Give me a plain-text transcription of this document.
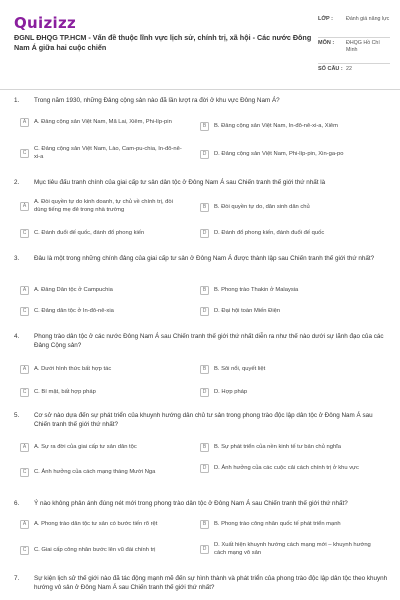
Quizizz
ĐGNL ĐHQG TP.HCM - Vấn đề thuộc lĩnh vực lịch sử, chính trị, xã hội - Các nước Đông Nam Á giữa hai cuộc chiến
LỚP :	Đánh giá năng lực
MÔN :	ĐHQG Hồ Chí Minh
SỐ CÂU : 22
1.	Trong năm 1930, những Đảng cộng sản nào đã lần lượt ra đời ở khu vực Đông Nam Á?
A	A. Đảng cộng sản Việt Nam, Mã Lai, Xiêm, Phi-líp-pin
B	B. Đảng cộng sản Việt Nam, In-đô-nê-xi-a, Xiêm
C
C. Đảng cộng sản Việt Nam, Lào, Cam-pu-chia, In-đô-nê-xi-a	D	D. Đảng cộng sản Việt Nam, Phi-líp-pin, Xin-ga-po
2.	Mục tiêu đấu tranh chính của giai cấp tư sản dân tộc ở Đông Nam Á sau Chiến tranh thế giới thứ nhất là
A
A. Đòi quyền tự do kinh doanh, tự chủ về chính trị, đòi dùng tiếng mẹ đẻ trong nhà trường	B	B. Đòi quyền tự do, dân sinh dân chủ
C	C. Đánh đuổi đế quốc, đánh đổ phong kiến	D	D. Đánh đổ phong kiến, đánh đuổi đế quốc
3.	Đâu là một trong những chính đảng của giai cấp tư sản ở Đông Nam Á được thành lập sau Chiến tranh thế giới thứ nhất?
A	A. Đảng Dân tộc ở Campuchia	B	B. Phong trào Thakin ở Malaysia
C	C. Đảng dân tộc ở In-đô-nê-xia	D	D. Đại hội toàn Miến Điện
4.	Phong trào dân tộc ở các nước Đông Nam Á sau Chiến tranh thế giới thứ nhất diễn ra như thế nào dưới sự lãnh đạo của các Đảng Cộng sản?
A	A. Dưới hình thức bất hợp tác	B	B. Sôi nổi, quyết liệt
C	C. Bí mật, bất hợp pháp	D	D. Hợp pháp
5.	Cơ sở nào dựa đến sự phát triển của khuynh hướng dân chủ tư sản trong phong trào độc lập dân tộc ở Đông Nam Á sau Chiến tranh thế giới thứ nhất?
A	A. Sự ra đời của giai cấp tư sản dân tộc	B	B. Sự phát triển của nền kinh tế tư bản chủ nghĩa
C	C. Ảnh hưởng của cách mạng tháng Mười Nga
D	D. Ảnh hưởng của các cuộc cải cách chính trị ở khu vực
6.	Ý nào không phản ánh đúng nét mới trong phong trào dân tộc ở Đông Nam Á sau Chiến tranh thế giới thứ nhất?
A	A. Phong trào dân tộc tư sản có bước tiến rõ rệt	B	B. Phong trào công nhân quốc tế phát triển mạnh
C	C. Giai cấp công nhân bước lên vũ đài chính trị	D
D. Xuất hiện khuynh hướng cách mạng mới – khuynh hướng cách mạng vô sản
7.	Sự kiện lịch sử thế giới nào đã tác động mạnh mẽ đến sự hình thành và phát triển của phong trào độc lập dân tộc theo khuynh hướng vô sản ở Đông Nam Á sau Chiến tranh thế giới thứ nhất?
